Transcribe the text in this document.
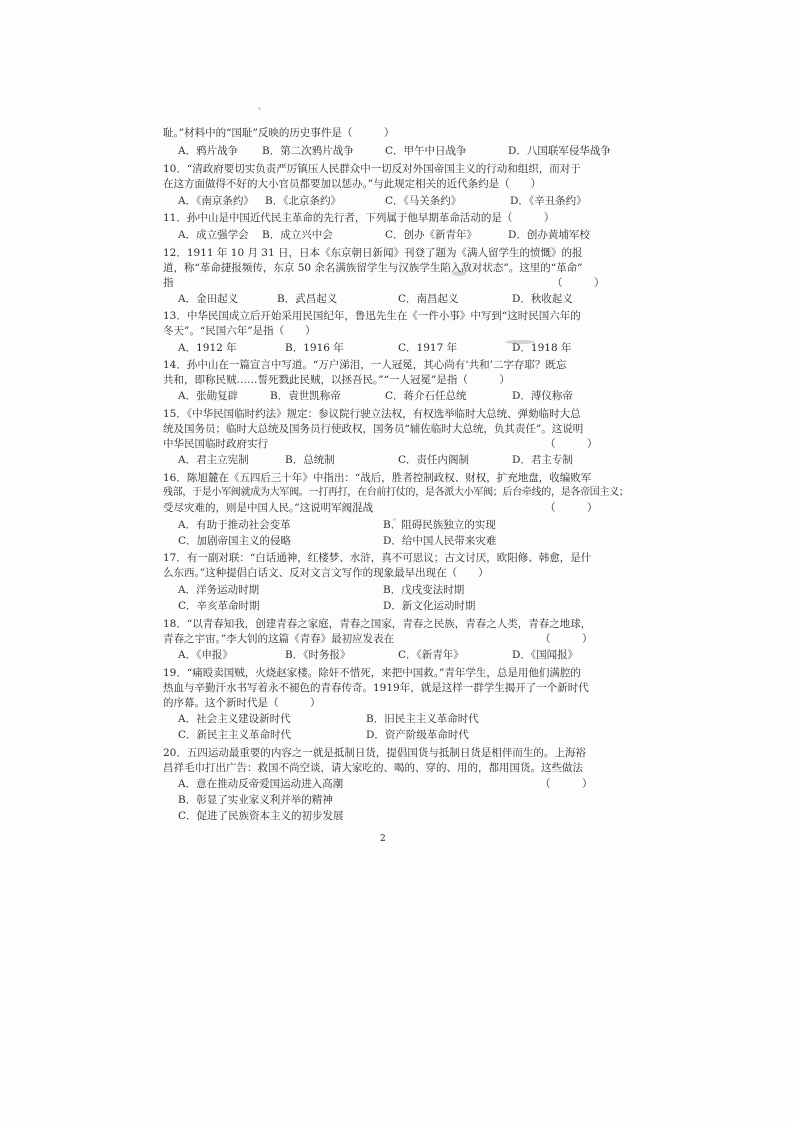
耻。”材料中的“国耻”反映的历史事件是（　　　）
A．鸦片战争 B．第二次鸦片战争	C．甲午中日战争	D．八国联军侵华战争
10．“清政府要切实负责严厉镇压人民群众中一切反对外国帝国主义的行动和组织，而对于
在这方面做得不好的大小官员都要加以惩办。”与此规定相关的近代条约是（　　）
A．《南京条约》 B．《北京条约》	C．《马关条约》	D．《辛丑条约》
11．孙中山是中国近代民主革命的先行者，下列属于他早期革命活动的是（　　　）
A．成立强学会 B．成立兴中会	C．创办《新青年》	D．创办黄埔军校
12．1911 年 10 月 31 日，日本《东京朝日新闻》刊登了题为《满人留学生的愤慨》的报
道，称“革命捷报频传，东京 50 余名满族留学生与汉族学生陷入敌对状态”。这里的“革命”
指	（　　　）
A．金田起义	B．武昌起义	C．南昌起义	D．秋收起义
13．中华民国成立后开始采用民国纪年，鲁迅先生在《一件小事》中写到“这时民国六年的
冬天”。“民国六年”是指（　　）
A．1912 年	B．1916 年	C．1917 年	D．1918 年
14．孙中山在一篇宣言中写道。“万户涕泪，一人冠冕，其心尚有‘共和’二字存耶？既忘
共和，即称民贼……誓死戮此民贼，以拯吾民。”“一人冠冕”是指（　　　）
A．张勋复辟	B．袁世凯称帝	C．蒋介石任总统	D．溥仪称帝
15．《中华民国临时约法》规定：参议院行驶立法权，有权选举临时大总统、弹劾临时大总
统及国务员；临时大总统及国务员行使政权，国务员“辅佐临时大总统，负其责任”。这说明
中华民国临时政府实行	（　　　）
A．君主立宪制	B．总统制	C．责任内阁制	D．君主专制
16．陈旭麓在《五四后三十年》中指出：“战后，胜者控制政权、财权，扩充地盘，收编败军
残部，于是小军阀就成为大军阀。一打再打，在台前打仗的，是各派大小军阀；后台牵线的，是各帝国主义；
受尽灾难的，则是中国人民。”这说明军阀混战	（　　　）
A．有助于推动社会变革	B．阻碍民族独立的实现
C．加剧帝国主义的侵略	D．给中国人民带来灾难
17．有一副对联：“白话通神，红楼梦、水浒，真不可思议；古文讨厌，欧阳修、韩愈，是什
么东西。”这种提倡白话文、反对文言文写作的现象最早出现在（　　）
A．洋务运动时期	B．戊戌变法时期
C．辛亥革命时期	D．新文化运动时期
18．“以青春知我，创建青春之家庭，青春之国家，青春之民族，青春之人类，青春之地球，
青春之宇宙。”李大钊的这篇《青春》最初应发表在	（　　　）
A．《申报》	B．《时务报》	C．《新青年》	D．《国闻报》
19．“痛殴卖国贼，火烧赵家楼。除奸不惜死，来把中国救。”青年学生，总是用他们满腔的
热血与辛勤汗水书写着永不褪色的青春传奇。1919年，就是这样一群学生揭开了一个新时代
的序幕。这个新时代是（　　　）
A．社会主义建设新时代	B．旧民主主义革命时代
C．新民主主义革命时代	D．资产阶级革命时代
20．五四运动最重要的内容之一就是抵制日货，提倡国货与抵制日货是相伴而生的。上海裕
昌祥毛巾打出广告：救国不尚空谈，请大家吃的、喝的、穿的、用的，都用国货。这些做法
A．意在推动反帝爱国运动进入高潮	（　　　）
B．彰显了实业家义利并举的精神
C．促进了民族资本主义的初步发展
2
